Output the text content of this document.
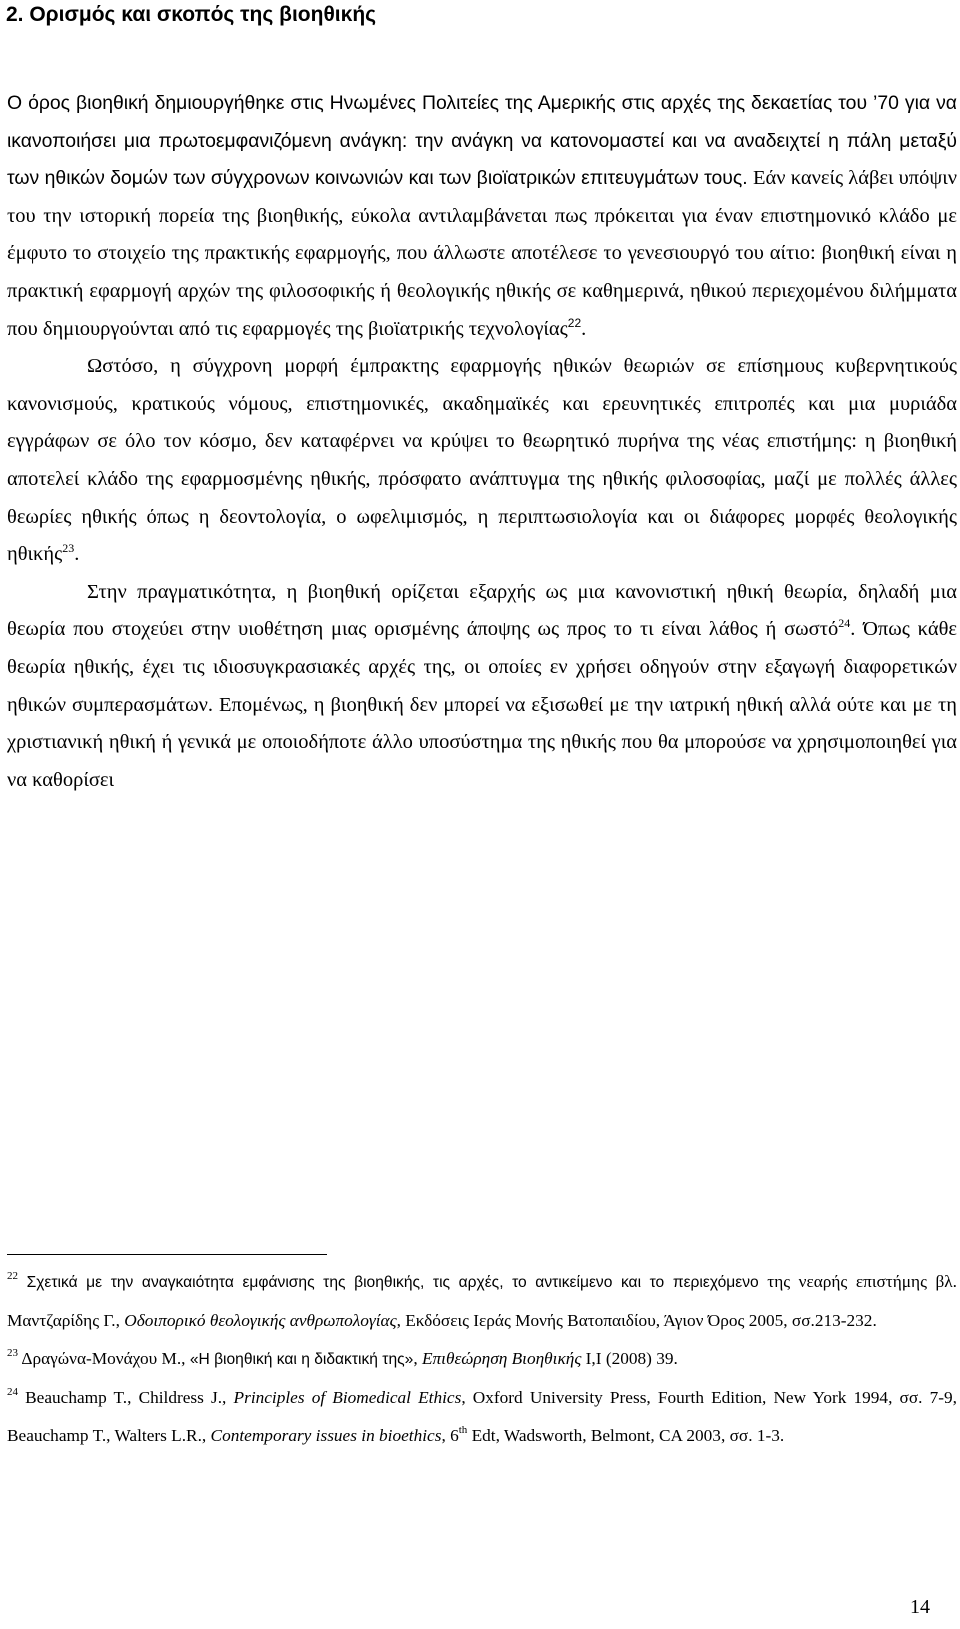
2. Ορισμός και σκοπός της βιοηθικής

Ο όρος βιοηθική δημιουργήθηκε στις Ηνωμένες Πολιτείες της Αμερικής στις αρχές της δεκαετίας του ’70 για να ικανοποιήσει μια πρωτοεμφανιζόμενη ανάγκη: την ανάγκη να κατονομαστεί και να αναδειχτεί η πάλη μεταξύ των ηθικών δομών των σύγχρονων κοινωνιών και των βιοϊατρικών επιτευγμάτων τους. Εάν κανείς λάβει υπόψιν του την ιστορική πορεία της βιοηθικής, εύκολα αντιλαμβάνεται πως πρόκειται για έναν επιστημονικό κλάδο με έμφυτο το στοιχείο της πρακτικής εφαρμογής, που άλλωστε αποτέλεσε το γενεσιουργό του αίτιο: βιοηθική είναι η πρακτική εφαρμογή αρχών της φιλοσοφικής ή θεολογικής ηθικής σε καθημερινά, ηθικού περιεχομένου διλήμματα που δημιουργούνται από τις εφαρμογές της βιοϊατρικής τεχνολογίας$^{22}$.

Ωστόσο, η σύγχρονη μορφή έμπρακτης εφαρμογής ηθικών θεωριών σε επίσημους κυβερνητικούς κανονισμούς, κρατικούς νόμους, επιστημονικές, ακαδημαϊκές και ερευνητικές επιτροπές και μια μυριάδα εγγράφων σε όλο τον κόσμο, δεν καταφέρνει να κρύψει το θεωρητικό πυρήνα της νέας επιστήμης: η βιοηθική αποτελεί κλάδο της εφαρμοσμένης ηθικής, πρόσφατο ανάπτυγμα της ηθικής φιλοσοφίας, μαζί με πολλές άλλες θεωρίες ηθικής όπως η δεοντολογία, ο ωφελιμισμός, η περιπτωσιολογία και οι διάφορες μορφές θεολογικής ηθικής$^{23}$.

Στην πραγματικότητα, η βιοηθική ορίζεται εξαρχής ως μια κανονιστική ηθική θεωρία, δηλαδή μια θεωρία που στοχεύει στην υιοθέτηση μιας ορισμένης άποψης ως προς το τι είναι λάθος ή σωστό$^{24}$. Όπως κάθε θεωρία ηθικής, έχει τις ιδιοσυγκρασιακές αρχές της, οι οποίες εν χρήσει οδηγούν στην εξαγωγή διαφορετικών ηθικών συμπερασμάτων. Επομένως, η βιοηθική δεν μπορεί να εξισωθεί με την ιατρική ηθική αλλά ούτε και με τη χριστιανική ηθική ή γενικά με οποιοδήποτε άλλο υποσύστημα της ηθικής που θα μπορούσε να χρησιμοποιηθεί για να καθορίσει

$^{22}$ Σχετικά με την αναγκαιότητα εμφάνισης της βιοηθικής, τις αρχές, το αντικείμενο και το περιεχόμενο της νεαρής επιστήμης βλ. Μαντζαρίδης Γ., Οδοιπορικό θεολογικής ανθρωπολογίας, Εκδόσεις Ιεράς Μονής Βατοπαιδίου, Άγιον Όρος 2005, σσ.213-232.

$^{23}$ Δραγώνα-Μονάχου Μ., «Η βιοηθική και η διδακτική της», Επιθεώρηση Βιοηθικής Ι,Ι (2008) 39.

$^{24}$ Beauchamp T., Childress J., Principles of Biomedical Ethics, Oxford University Press, Fourth Edition, New York 1994, σσ. 7-9, Beauchamp T., Walters L.R., Contemporary issues in bioethics, 6th Edt, Wadsworth, Belmont, CA 2003, σσ. 1-3.

14
